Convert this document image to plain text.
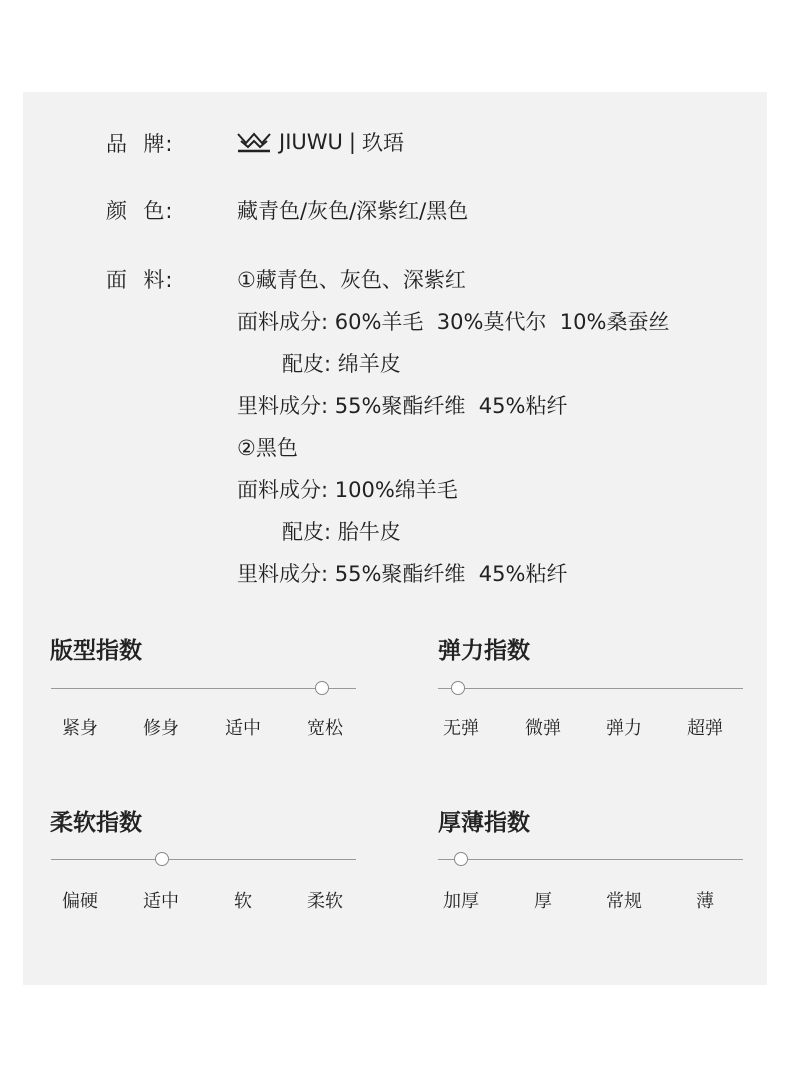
品  牌:	JIUWU | 玖珸
颜  色:	藏青色/灰色/深紫红/黑色
面  料:	①藏青色、灰色、深紫红
面料成分: 60%羊毛  30%莫代尔  10%桑蚕丝
配皮: 绵羊皮
里料成分: 55%聚酯纤维  45%粘纤
②黑色
面料成分: 100%绵羊毛
配皮: 胎牛皮
里料成分: 55%聚酯纤维  45%粘纤
版型指数
紧身	修身	适中	宽松
弹力指数
无弹	微弹	弹力	超弹
柔软指数
偏硬	适中	软	柔软
厚薄指数
加厚	厚	常规	薄
